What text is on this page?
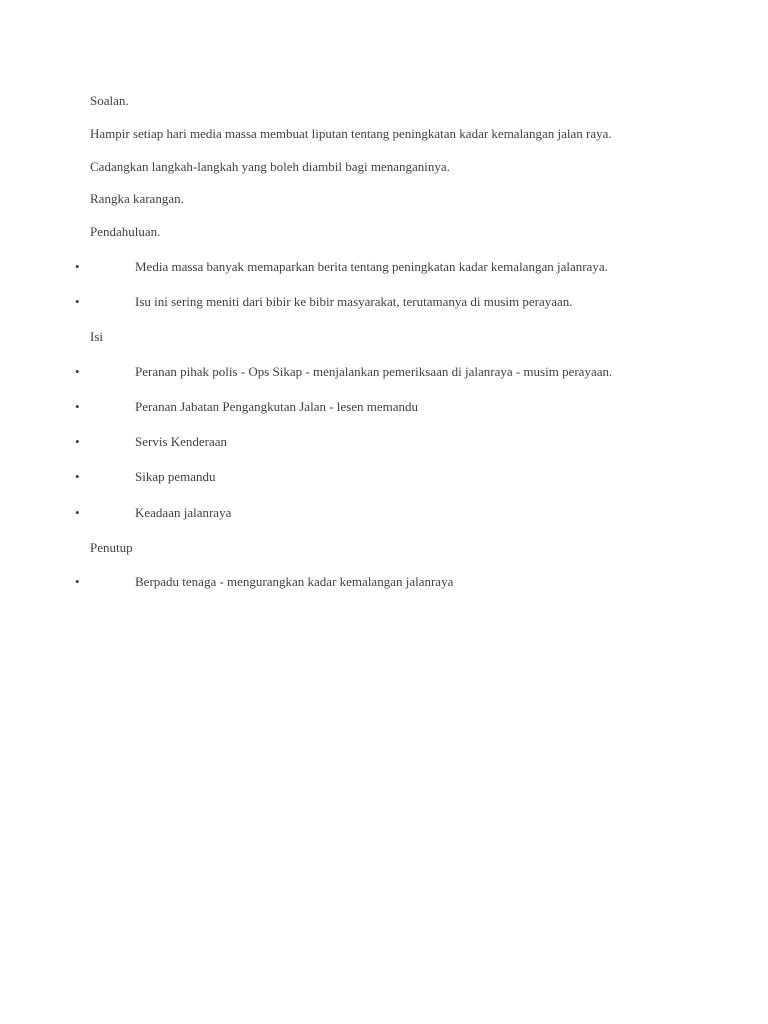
Soalan.
Hampir setiap hari media massa membuat liputan tentang peningkatan kadar kemalangan jalan raya.
Cadangkan langkah-langkah yang boleh diambil bagi menanganinya.
Rangka karangan.
Pendahuluan.
•	Media massa banyak memaparkan berita tentang peningkatan kadar kemalangan jalanraya.
•	Isu ini sering meniti dari bibir ke bibir masyarakat, terutamanya di musim perayaan.
Isi
•	Peranan pihak polis - Ops Sikap - menjalankan pemeriksaan di jalanraya - musim perayaan.
•	Peranan Jabatan Pengangkutan Jalan - lesen memandu
•	Servis Kenderaan
•	Sikap pemandu
•	Keadaan jalanraya
Penutup
•	Berpadu tenaga - mengurangkan kadar kemalangan jalanraya
